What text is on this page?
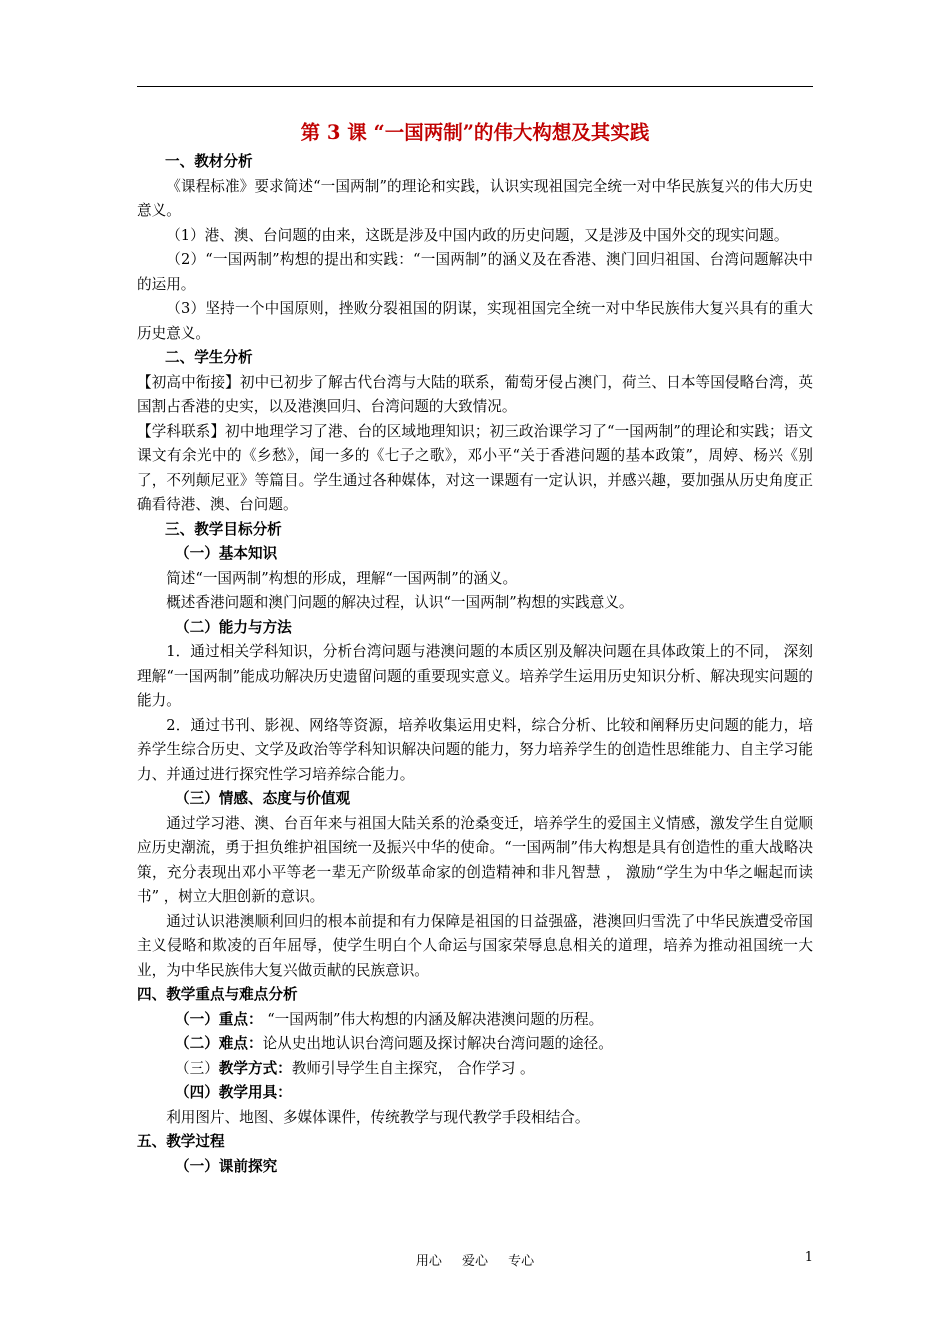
第 3 课 “一国两制”的伟大构想及其实践
一、教材分析

《课程标准》要求简述“一国两制”的理论和实践，认识实现祖国完全统一对中华民族复兴的伟大历史意义。

（1）港、澳、台问题的由来，这既是涉及中国内政的历史问题，又是涉及中国外交的现实问题。

（2）“一国两制”构想的提出和实践：“一国两制”的涵义及在香港、澳门回归祖国、台湾问题解决中的运用。

（3）坚持一个中国原则，挫败分裂祖国的阴谋，实现祖国完全统一对中华民族伟大复兴具有的重大历史意义。

二、学生分析

【初高中衔接】初中已初步了解古代台湾与大陆的联系，葡萄牙侵占澳门，荷兰、日本等国侵略台湾，英国割占香港的史实，以及港澳回归、台湾问题的大致情况。

【学科联系】初中地理学习了港、台的区域地理知识；初三政治课学习了“一国两制”的理论和实践；语文课文有余光中的《乡愁》，闻一多的《七子之歌》，邓小平“关于香港问题的基本政策”，周婷、杨兴《别了，不列颠尼亚》等篇目。学生通过各种媒体，对这一课题有一定认识，并感兴趣，要加强从历史角度正确看待港、澳、台问题。

三、教学目标分析
（一）基本知识

简述“一国两制”构想的形成，理解“一国两制”的涵义。

概述香港问题和澳门问题的解决过程，认识“一国两制”构想的实践意义。

（二）能力与方法

1．通过相关学科知识，分析台湾问题与港澳问题的本质区别及解决问题在具体政策上的不同， 深刻理解“一国两制”能成功解决历史遗留问题的重要现实意义。培养学生运用历史知识分析、解决现实问题的能力。

2．通过书刊、影视、网络等资源，培养收集运用史料，综合分析、比较和阐释历史问题的能力，培养学生综合历史、文学及政治等学科知识解决问题的能力，努力培养学生的创造性思维能力、自主学习能力、并通过进行探究性学习培养综合能力。

（三）情感、态度与价值观

通过学习港、澳、台百年来与祖国大陆关系的沧桑变迁，培养学生的爱国主义情感，激发学生自觉顺应历史潮流，勇于担负维护祖国统一及振兴中华的使命。“一国两制”伟大构想是具有创造性的重大战略决策，充分表现出邓小平等老一辈无产阶级革命家的创造精神和非凡智慧 ， 激励“学生为中华之崛起而读书” ，树立大胆创新的意识。

通过认识港澳顺利回归的根本前提和有力保障是祖国的日益强盛，港澳回归雪洗了中华民族遭受帝国主义侵略和欺凌的百年屈辱，使学生明白个人命运与国家荣辱息息相关的道理，培养为推动祖国统一大业，为中华民族伟大复兴做贡献的民族意识。

四、教学重点与难点分析
（一）重点： “一国两制”伟大构想的内涵及解决港澳问题的历程。
（二）难点：论从史出地认识台湾问题及探讨解决台湾问题的途径。
（三）教学方式：教师引导学生自主探究， 合作学习 。
（四）教学用具：

利用图片、地图、多媒体课件，传统教学与现代教学手段相结合。

五、教学过程
（一）课前探究
用心 爱心 专心	1
